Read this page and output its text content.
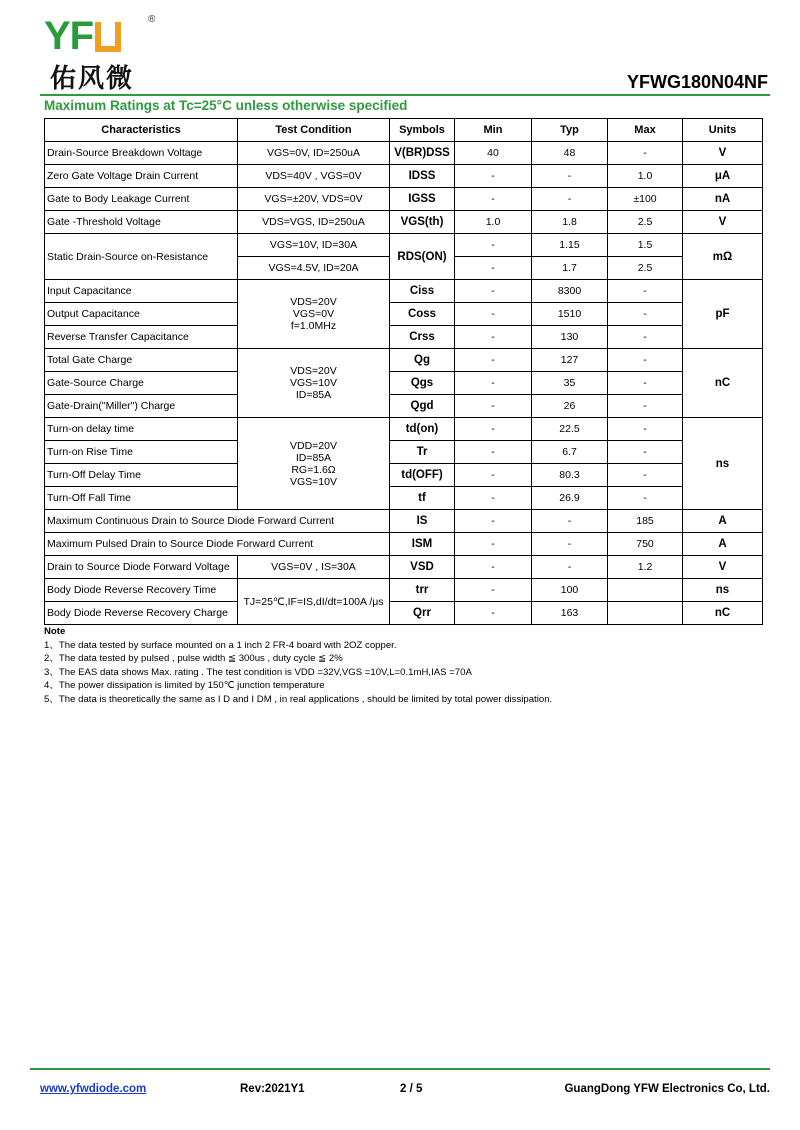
YF	®
佑风微	YFWG180N04NF
Maximum Ratings at Tc=25°C unless otherwise specified
Characteristics	Test Condition	Symbols	Min	Typ	Max	Units
Drain-Source Breakdown Voltage	VGS=0V, ID=250uA	V(BR)DSS	40	48	-	V
Zero Gate Voltage Drain Current	VDS=40V , VGS=0V	IDSS	-	-	1.0	μA
Gate to Body Leakage Current	VGS=±20V, VDS=0V	IGSS	-	-	±100	nA
Gate -Threshold Voltage	VDS=VGS, ID=250uA	VGS(th)	1.0	1.8	2.5	V
Static Drain-Source on-Resistance	VGS=10V, ID=30A	RDS(ON)	-	1.15	1.5	mΩ
	VGS=4.5V, ID=20A		-	1.7	2.5	
Input Capacitance	VDS=20V
VGS=0V
f=1.0MHz	Ciss	-	8300	-	pF
Output Capacitance		Coss	-	1510	-	
Reverse Transfer Capacitance		Crss	-	130	-	
Total Gate Charge	VDS=20V
VGS=10V
ID=85A	Qg	-	127	-	nC
Gate-Source Charge		Qgs	-	35	-	
Gate-Drain("Miller") Charge		Qgd	-	26	-	
Turn-on delay time	VDD=20V
ID=85A
RG=1.6Ω
VGS=10V	td(on)	-	22.5	-	ns
Turn-on Rise Time		Tr	-	6.7	-	
Turn-Off Delay Time		td(OFF)	-	80.3	-	
Turn-Off Fall Time		tf	-	26.9	-	
Maximum Continuous Drain to Source Diode Forward Current		IS	-	-	185	A
Maximum Pulsed Drain to Source Diode Forward Current		ISM	-	-	750	A
Drain to Source Diode Forward Voltage	VGS=0V , IS=30A	VSD	-	-	1.2	V
Body Diode Reverse Recovery Time	TJ=25℃,IF=IS,dI/dt=100A /μs	trr	-	100		ns
Body Diode Reverse Recovery Charge		Qrr	-	163		nC
Note
1、The data tested by surface mounted on a 1 inch 2 FR-4 board with 2OZ copper.
2、The data tested by pulsed , pulse width ≦ 300us , duty cycle ≦ 2%
3、The EAS data shows Max. rating . The test condition is VDD =32V,VGS =10V,L=0.1mH,IAS =70A
4、The power dissipation is limited by 150℃ junction temperature
5、The data is theoretically the same as I D and I DM , in real applications , should be limited by total power dissipation.
www.yfwdiode.com	Rev:2021Y1	2 / 5	GuangDong YFW Electronics Co, Ltd.
